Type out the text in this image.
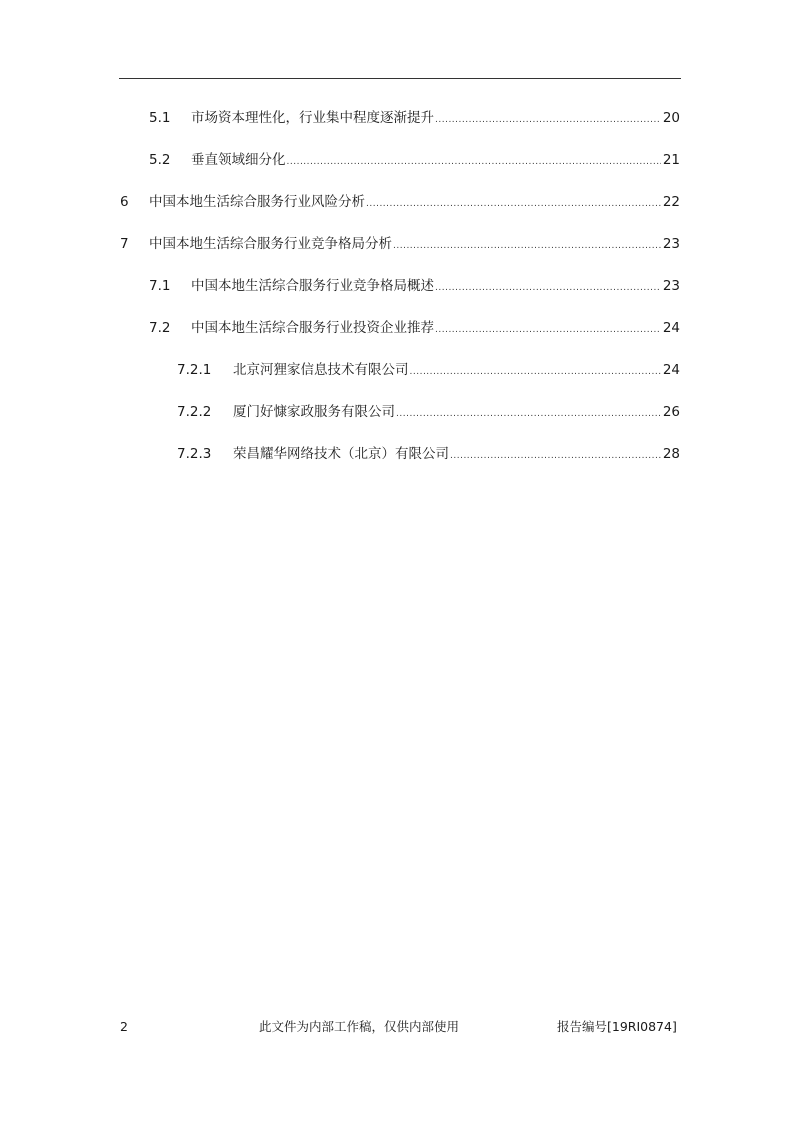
5.1	市场资本理性化，行业集中程度逐渐提升 .....	20
5.2	垂直领域细分化 .....	21
6	中国本地生活综合服务行业风险分析 .....	22
7	中国本地生活综合服务行业竞争格局分析 .....	23
7.1	中国本地生活综合服务行业竞争格局概述 .....	23
7.2	中国本地生活综合服务行业投资企业推荐 .....	24
7.2.1	北京河狸家信息技术有限公司 .....	24
7.2.2	厦门好慷家政服务有限公司 .....	26
7.2.3	荣昌耀华网络技术（北京）有限公司 .....	28
2	此文件为内部工作稿，仅供内部使用	报告编号[19RI0874]
